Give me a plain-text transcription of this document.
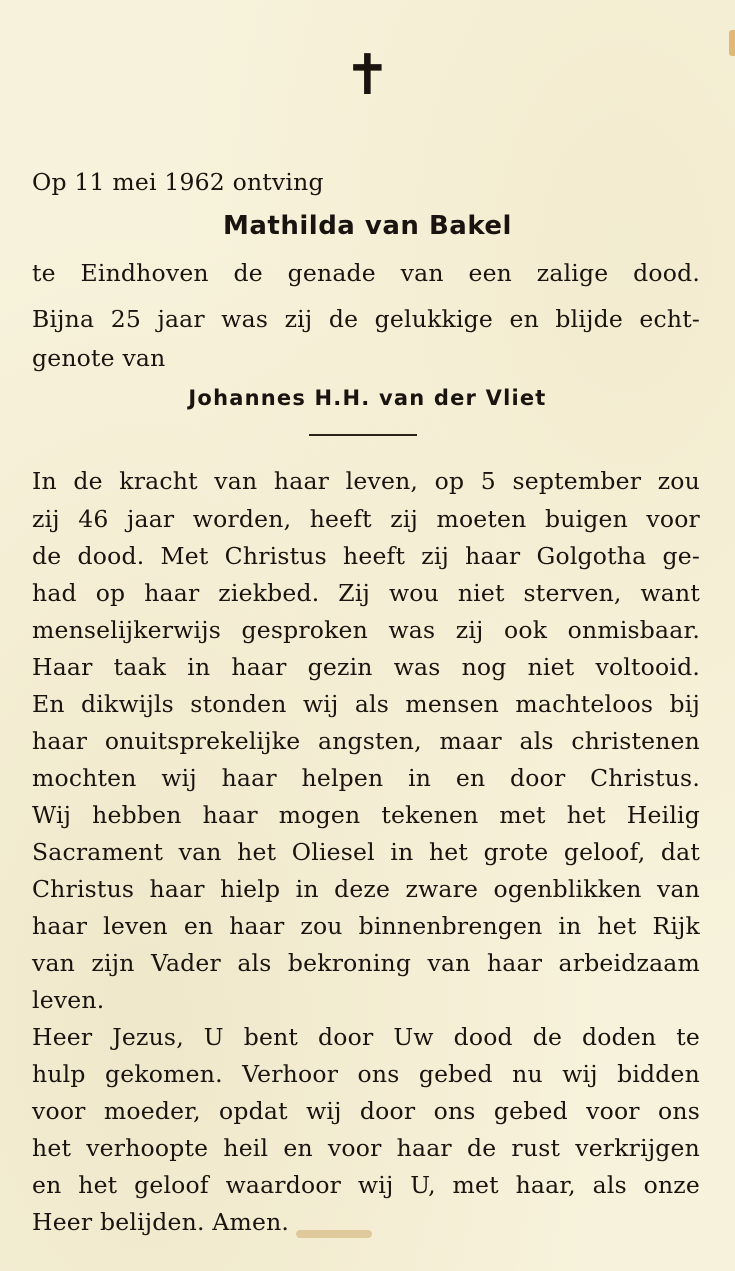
✝
Op 11 mei 1962 ontving
Mathilda van Bakel
te Eindhoven de genade van een zalige dood.
Bijna 25 jaar was zij de gelukkige en blijde echt-
genote van
Johannes H.H. van der Vliet
In de kracht van haar leven, op 5 september zou
zij 46 jaar worden, heeft zij moeten buigen voor
de dood. Met Christus heeft zij haar Golgotha ge-
had op haar ziekbed. Zij wou niet sterven, want
menselijkerwijs gesproken was zij ook onmisbaar.
Haar taak in haar gezin was nog niet voltooid.
En dikwijls stonden wij als mensen machteloos bij
haar onuitsprekelijke angsten, maar als christenen
mochten wij haar helpen in en door Christus.
Wij hebben haar mogen tekenen met het Heilig
Sacrament van het Oliesel in het grote geloof, dat
Christus haar hielp in deze zware ogenblikken van
haar leven en haar zou binnenbrengen in het Rijk
van zijn Vader als bekroning van haar arbeidzaam
leven.
Heer Jezus, U bent door Uw dood de doden te
hulp gekomen. Verhoor ons gebed nu wij bidden
voor moeder, opdat wij door ons gebed voor ons
het verhoopte heil en voor haar de rust verkrijgen
en het geloof waardoor wij U, met haar, als onze
Heer belijden. Amen.
